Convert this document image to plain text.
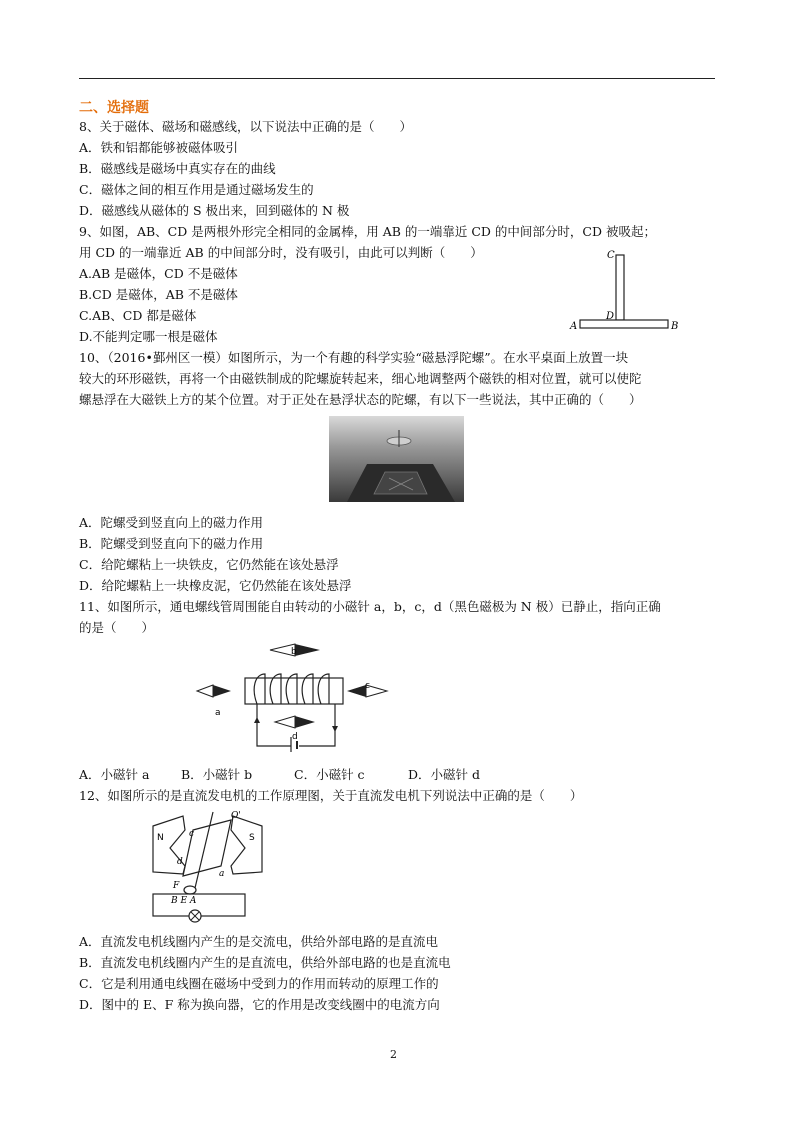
二、选择题
8、关于磁体、磁场和磁感线，以下说法中正确的是（　　）
A．铁和铝都能够被磁体吸引
B．磁感线是磁场中真实存在的曲线
C．磁体之间的相互作用是通过磁场发生的
D．磁感线从磁体的 S 极出来，回到磁体的 N 极
9、如图，AB、CD 是两根外形完全相同的金属棒，用 AB 的一端靠近 CD 的中间部分时，CD 被吸起；
用 CD 的一端靠近 AB 的中间部分时，没有吸引，由此可以判断（　　）
A.AB 是磁体，CD 不是磁体
B.CD 是磁体，AB 不是磁体
C.AB、CD 都是磁体
D.不能判定哪一根是磁体
C
D
A	B
10、（2016•鄞州区一模）如图所示，为一个有趣的科学实验“磁悬浮陀螺”。在水平桌面上放置一块
较大的环形磁铁，再将一个由磁铁制成的陀螺旋转起来，细心地调整两个磁铁的相对位置，就可以使陀
螺悬浮在大磁铁上方的某个位置。对于正处在悬浮状态的陀螺，有以下一些说法，其中正确的（　　）
A．陀螺受到竖直向上的磁力作用
B．陀螺受到竖直向下的磁力作用
C．给陀螺粘上一块铁皮，它仍然能在该处悬浮
D．给陀螺粘上一块橡皮泥，它仍然能在该处悬浮
11、如图所示，通电螺线管周围能自由转动的小磁针 a，b，c，d（黑色磁极为 N 极）已静止，指向正确
的是（　　）
b
a
c
d
A．小磁针 a	B．小磁针 b	C．小磁针 c	D．小磁针 d
12、如图所示的是直流发电机的工作原理图，关于直流发电机下列说法中正确的是（　　）
N	S
O'
c
d
a
F
B E A
A．直流发电机线圈内产生的是交流电，供给外部电路的是直流电
B．直流发电机线圈内产生的是直流电，供给外部电路的也是直流电
C．它是利用通电线圈在磁场中受到力的作用而转动的原理工作的
D．图中的 E、F 称为换向器，它的作用是改变线圈中的电流方向
2
